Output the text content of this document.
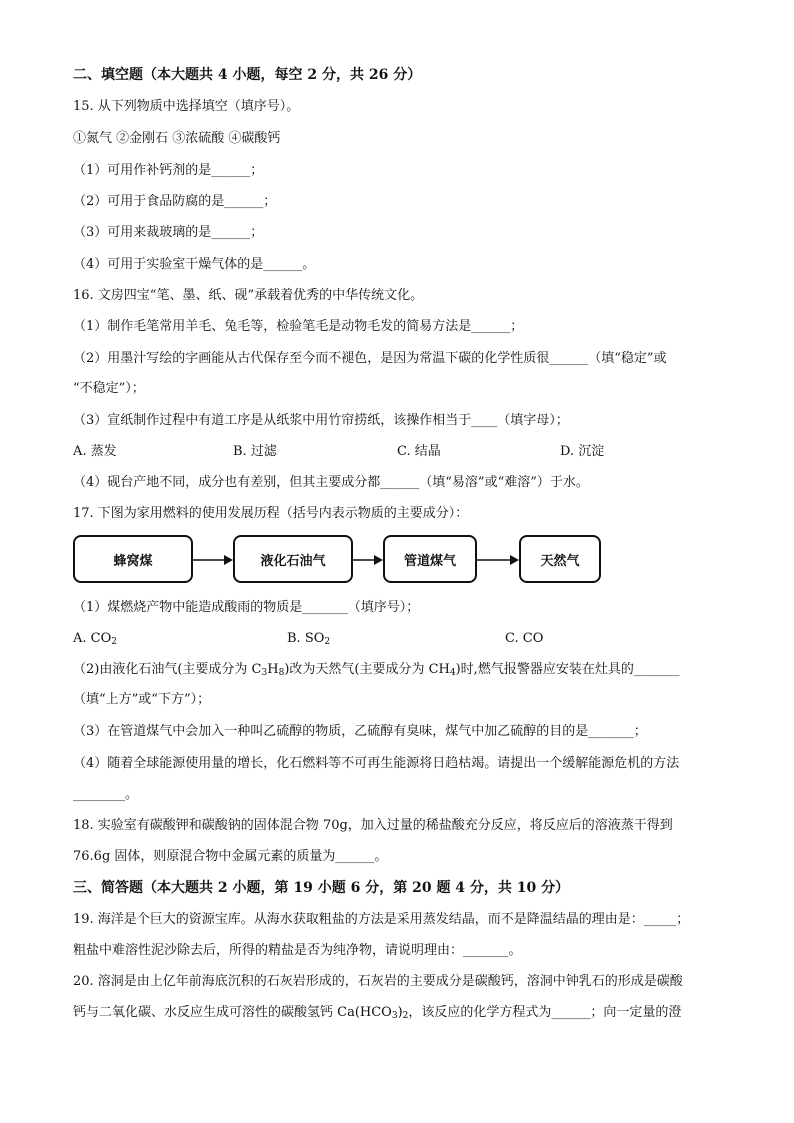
二、填空题（本大题共 4 小题，每空 2 分，共 26 分）
15. 从下列物质中选择填空（填序号）。
①氮气 ②金刚石 ③浓硫酸 ④碳酸钙
（1）可用作补钙剂的是______；
（2）可用于食品防腐的是______；
（3）可用来裁玻璃的是______；
（4）可用于实验室干燥气体的是______。
16. 文房四宝“笔、墨、纸、砚”承载着优秀的中华传统文化。
（1）制作毛笔常用羊毛、兔毛等，检验笔毛是动物毛发的简易方法是______；
（2）用墨汁写绘的字画能从古代保存至今而不褪色，是因为常温下碳的化学性质很______（填“稳定”或
“不稳定”）；
（3）宣纸制作过程中有道工序是从纸浆中用竹帘捞纸，该操作相当于____（填字母）；
A. 蒸发	B. 过滤	C. 结晶	D. 沉淀
（4）砚台产地不同，成分也有差别，但其主要成分都______（填“易溶”或“难溶”）于水。
17. 下图为家用燃料的使用发展历程（括号内表示物质的主要成分）：
蜂窝煤	液化石油气	管道煤气	天然气
（1）煤燃烧产物中能造成酸雨的物质是_______（填序号）；
A. $CO_2$	B. $SO_2$	C. CO
（2)由液化石油气(主要成分为 $C_3H_8$)改为天然气(主要成分为 $CH_4$)时,燃气报警器应安装在灶具的_______
（填“上方”或“下方”）；
（3）在管道煤气中会加入一种叫乙硫醇的物质，乙硫醇有臭味，煤气中加乙硫醇的目的是_______；
（4）随着全球能源使用量的增长，化石燃料等不可再生能源将日趋枯竭。请提出一个缓解能源危机的方法
________。
18. 实验室有碳酸钾和碳酸钠的固体混合物 70g，加入过量的稀盐酸充分反应，将反应后的溶液蒸干得到
76.6g 固体，则原混合物中金属元素的质量为______。
三、简答题（本大题共 2 小题，第 19 小题 6 分，第 20 题 4 分，共 10 分）
19. 海洋是个巨大的资源宝库。从海水获取粗盐的方法是采用蒸发结晶，而不是降温结晶的理由是：_____；
粗盐中难溶性泥沙除去后，所得的精盐是否为纯净物，请说明理由：_______。
20. 溶洞是由上亿年前海底沉积的石灰岩形成的，石灰岩的主要成分是碳酸钙，溶洞中钟乳石的形成是碳酸
钙与二氧化碳、水反应生成可溶性的碳酸氢钙 $Ca(HCO_3)_2$，该反应的化学方程式为______；向一定量的澄
